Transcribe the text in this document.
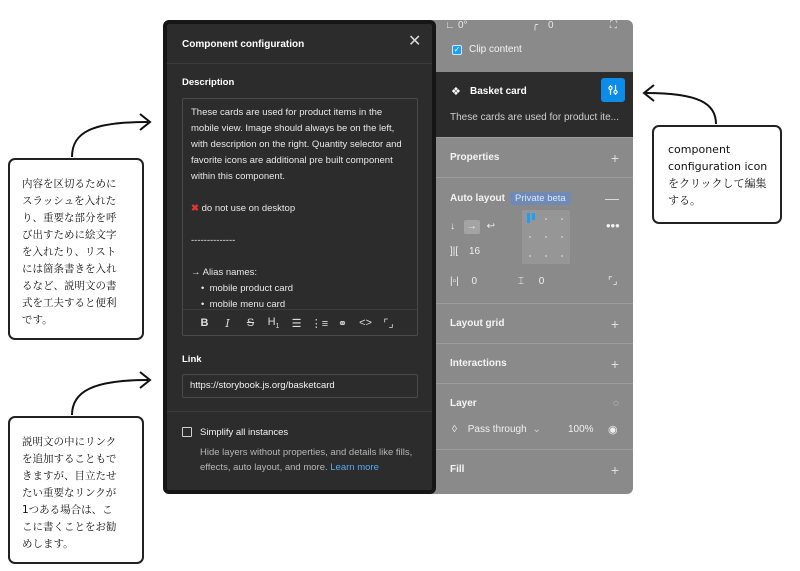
∟ 0°	╭ 0	⛶
✓ Clip content
❖ Basket card
These cards are used for product ite...
Properties	+
Auto layout Private beta	—
↓ → ↩
]|[ 16
|▫| 0	⌶ 0
•••
⌜⌟
Layout grid	+
Interactions	+
Layer	◌
◊ Pass through ⌄	100% ◉
Fill	+
Component configuration	✕
Description

These cards are used for product items in the

mobile view. Image should always be on the left,

with description on the right. Quantity selector and

favorite icons are additional pre built component

within this component.

✖ do not use on desktop

--------------

→ Alias names:

•  mobile product card

•  mobile menu card

B	I	S	$H_1$	☰ ⋮≡ ⚭	<>	⌜⌟
Link
https://storybook.js.org/basketcard
Simplify all instances
Hide layers without properties, and details like fills, effects, auto layout, and more. Learn more

内容を区切るために

スラッシュを入れた

り、重要な部分を呼

び出すために絵文字

を入れたり、リスト

には箇条書きを入れ

るなど、説明文の書

式を工夫すると便利

です。

説明文の中にリンク

を追加することもで

きますが、目立たせ

たい重要なリンクが

1つある場合は、こ

こに書くことをお勧

めします。

component

configuration icon

をクリックして編集

する。
